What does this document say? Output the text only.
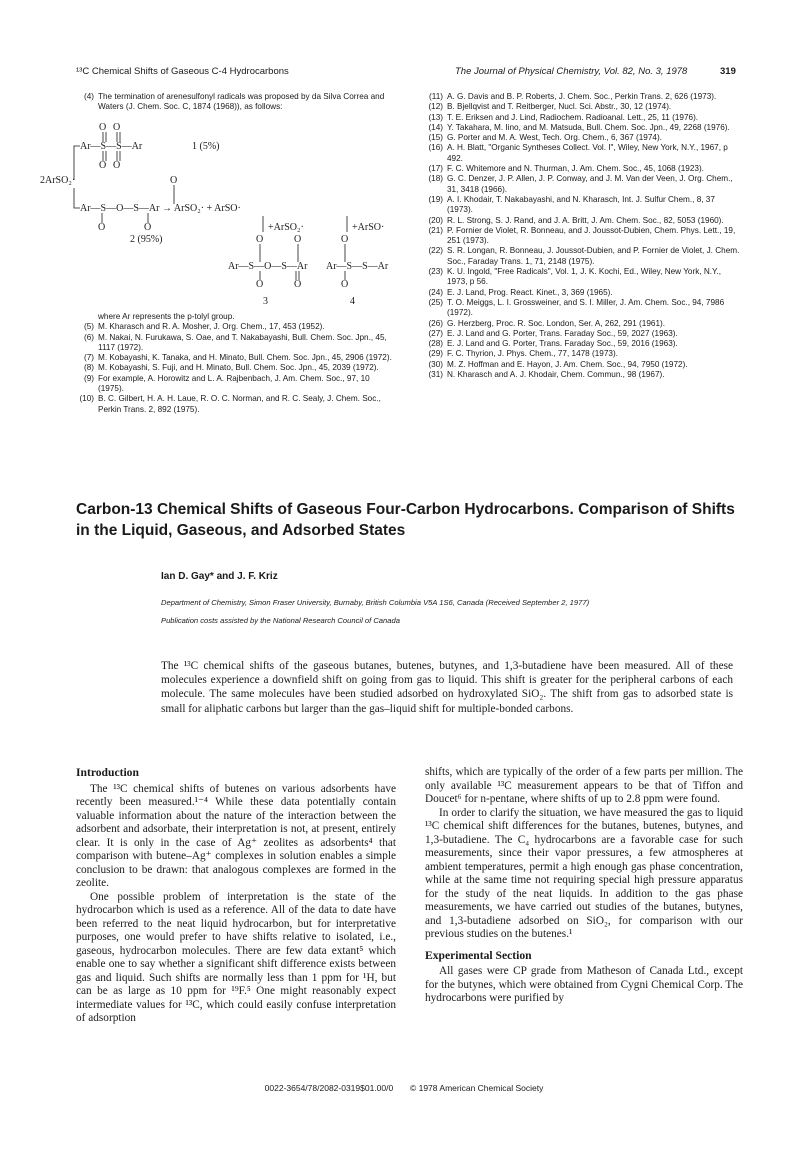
¹³C Chemical Shifts of Gaseous C-4 Hydrocarbons	The Journal of Physical Chemistry, Vol. 82, No. 3, 1978	319
(4) The termination of arenesulfonyl radicals was proposed by da Silva Correa and Waters (J. Chem. Soc. C, 1874 (1968)), as follows:
O O
Ar—S—S—Ar	1 (5%)
O O
2ArSO₂·	O
Ar—S—O—S—Ar → ArSO₂· + ArSO·
O	O	+ArSO₂·	+ArSO·
2 (95%)	O	O	O
Ar—S—O—S—Ar Ar—S—S—Ar
O	O	O
3	4
where Ar represents the p-tolyl group.
(5) M. Kharasch and R. A. Mosher, J. Org. Chem., 17, 453 (1952).
(6) M. Nakai, N. Furukawa, S. Oae, and T. Nakabayashi, Bull. Chem. Soc. Jpn., 45, 1117 (1972).
(7) M. Kobayashi, K. Tanaka, and H. Minato, Bull. Chem. Soc. Jpn., 45, 2906 (1972).
(8) M. Kobayashi, S. Fuji, and H. Minato, Bull. Chem. Soc. Jpn., 45, 2039 (1972).
(9) For example, A. Horowitz and L. A. Rajbenbach, J. Am. Chem. Soc., 97, 10 (1975).
(10) B. C. Gilbert, H. A. H. Laue, R. O. C. Norman, and R. C. Sealy, J. Chem. Soc., Perkin Trans. 2, 892 (1975).
(11) A. G. Davis and B. P. Roberts, J. Chem. Soc., Perkin Trans. 2, 626 (1973).
(12) B. Bjellqvist and T. Reitberger, Nucl. Sci. Abstr., 30, 12 (1974).
(13) T. E. Eriksen and J. Lind, Radiochem. Radioanal. Lett., 25, 11 (1976).
(14) Y. Takahara, M. Iino, and M. Matsuda, Bull. Chem. Soc. Jpn., 49, 2268 (1976).
(15) G. Porter and M. A. West, Tech. Org. Chem., 6, 367 (1974).
(16) A. H. Blatt, "Organic Syntheses Collect. Vol. I", Wiley, New York, N.Y., 1967, p 492.
(17) F. C. Whitemore and N. Thurman, J. Am. Chem. Soc., 45, 1068 (1923).
(18) G. C. Denzer, J. P. Allen, J. P. Conway, and J. M. Van der Veen, J. Org. Chem., 31, 3418 (1966).
(19) A. I. Khodair, T. Nakabayashi, and N. Kharasch, Int. J. Sulfur Chem., 8, 37 (1973).
(20) R. L. Strong, S. J. Rand, and J. A. Britt, J. Am. Chem. Soc., 82, 5053 (1960).
(21) P. Fornier de Violet, R. Bonneau, and J. Joussot-Dubien, Chem. Phys. Lett., 19, 251 (1973).
(22) S. R. Longan, R. Bonneau, J. Joussot-Dubien, and P. Fornier de Violet, J. Chem. Soc., Faraday Trans. 1, 71, 2148 (1975).
(23) K. U. Ingold, "Free Radicals", Vol. 1, J. K. Kochi, Ed., Wiley, New York, N.Y., 1973, p 56.
(24) E. J. Land, Prog. React. Kinet., 3, 369 (1965).
(25) T. O. Meiggs, L. I. Grossweiner, and S. I. Miller, J. Am. Chem. Soc., 94, 7986 (1972).
(26) G. Herzberg, Proc. R. Soc. London, Ser. A, 262, 291 (1961).
(27) E. J. Land and G. Porter, Trans. Faraday Soc., 59, 2027 (1963).
(28) E. J. Land and G. Porter, Trans. Faraday Soc., 59, 2016 (1963).
(29) F. C. Thyrion, J. Phys. Chem., 77, 1478 (1973).
(30) M. Z. Hoffman and E. Hayon, J. Am. Chem. Soc., 94, 7950 (1972).
(31) N. Kharasch and A. J. Khodair, Chem. Commun., 98 (1967).
Carbon-13 Chemical Shifts of Gaseous Four-Carbon Hydrocarbons. Comparison of Shifts in the Liquid, Gaseous, and Adsorbed States
Ian D. Gay* and J. F. Kriz
Department of Chemistry, Simon Fraser University, Burnaby, British Columbia V5A 1S6, Canada (Received September 2, 1977)
Publication costs assisted by the National Research Council of Canada
The ¹³C chemical shifts of the gaseous butanes, butenes, butynes, and 1,3-butadiene have been measured. All of these molecules experience a downfield shift on going from gas to liquid. This shift is greater for the peripheral carbons of each molecule. The same molecules have been studied adsorbed on hydroxylated SiO₂. The shift from gas to adsorbed state is small for aliphatic carbons but larger than the gas–liquid shift for multiple-bonded carbons.
Introduction

The ¹³C chemical shifts of butenes on various adsorbents have recently been measured.¹⁻⁴ While these data potentially contain valuable information about the nature of the interaction between the adsorbent and adsorbate, their interpretation is not, at present, entirely clear. It is only in the case of Ag⁺ zeolites as adsorbents⁴ that comparison with butene–Ag⁺ complexes in solution enables a simple conclusion to be drawn: that analogous complexes are formed in the zeolite.

One possible problem of interpretation is the state of the hydrocarbon which is used as a reference. All of the data to date have been referred to the neat liquid hydrocarbon, but for interpretative purposes, one would prefer to have shifts relative to isolated, i.e., gaseous, hydrocarbon molecules. There are few data extant⁵ which enable one to say whether a significant shift difference exists between gas and liquid. Such shifts are normally less than 1 ppm for ¹H, but can be as large as 10 ppm for ¹⁹F.⁵ One might reasonably expect intermediate values for ¹³C, which could easily confuse interpretation of adsorption

shifts, which are typically of the order of a few parts per million. The only available ¹³C measurement appears to be that of Tiffon and Doucet⁶ for n-pentane, where shifts of up to 2.8 ppm were found.

In order to clarify the situation, we have measured the gas to liquid ¹³C chemical shift differences for the butanes, butenes, butynes, and 1,3-butadiene. The C₄ hydrocarbons are a favorable case for such measurements, since their vapor pressures, a few atmospheres at ambient temperatures, permit a high enough gas phase concentration, while at the same time not requiring special high pressure apparatus for the study of the neat liquids. In addition to the gas phase measurements, we have carried out studies of the butanes, butynes, and 1,3-butadiene adsorbed on SiO₂, for comparison with our previous studies on the butenes.¹

Experimental Section

All gases were CP grade from Matheson of Canada Ltd., except for the butynes, which were obtained from Cygni Chemical Corp. The hydrocarbons were purified by

0022-3654/78/2082-0319$01.00/0 © 1978 American Chemical Society
